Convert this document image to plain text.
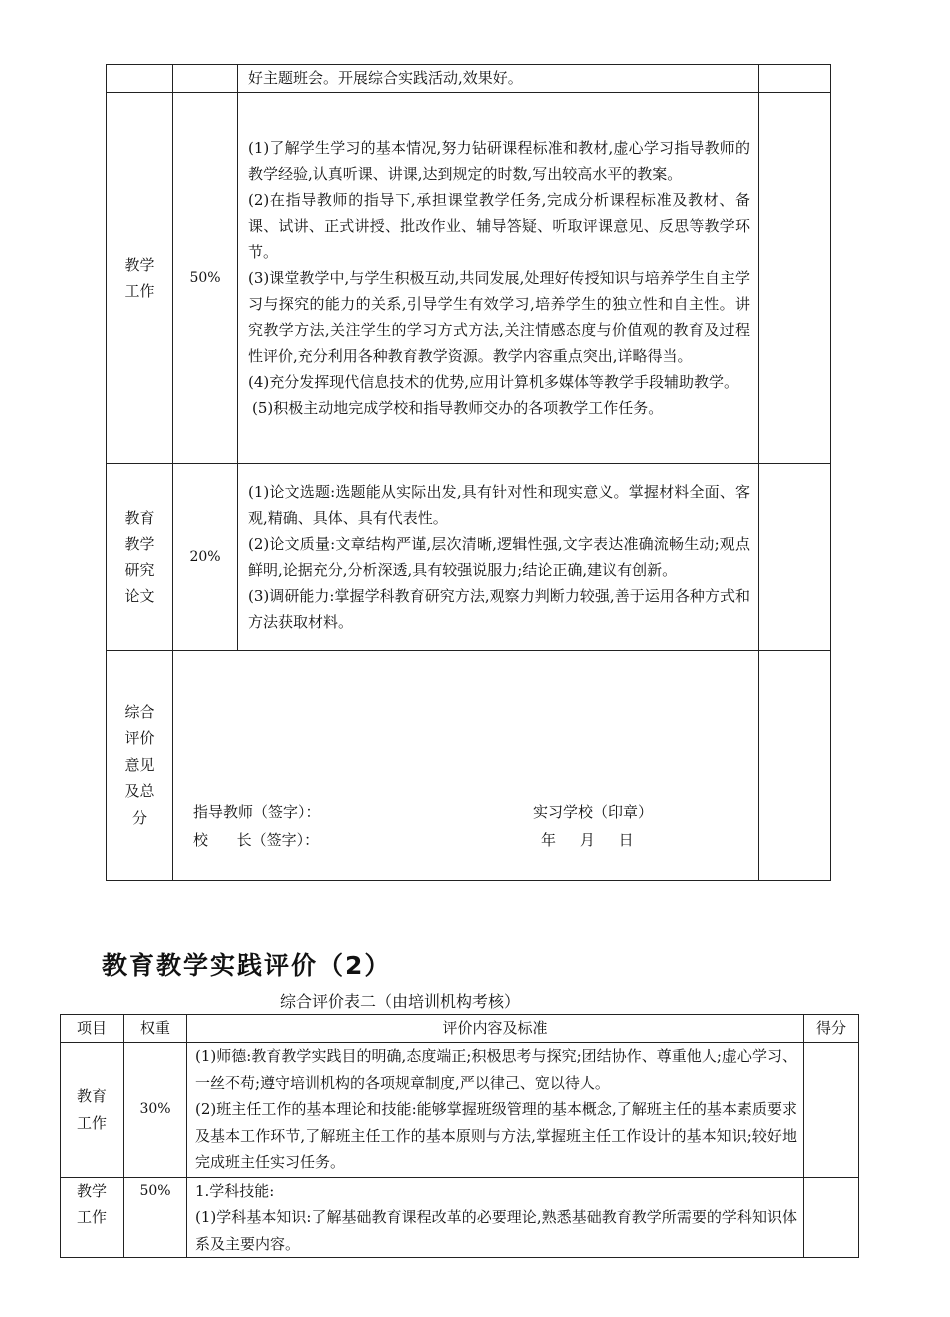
		好主题班会。开展综合实践活动,效果好。	
教学
工作	50%	(1)了解学生学习的基本情况,努力钻研课程标准和教材,虚心学习指导教师的教学经验,认真听课、讲课,达到规定的时数,写出较高水平的教案。
(2)在指导教师的指导下,承担课堂教学任务,完成分析课程标准及教材、备课、试讲、正式讲授、批改作业、辅导答疑、听取评课意见、反思等教学环节。
(3)课堂教学中,与学生积极互动,共同发展,处理好传授知识与培养学生自主学习与探究的能力的关系,引导学生有效学习,培养学生的独立性和自主性。讲究教学方法,关注学生的学习方式方法,关注情感态度与价值观的教育及过程性评价,充分利用各种教育教学资源。教学内容重点突出,详略得当。
(4)充分发挥现代信息技术的优势,应用计算机多媒体等教学手段辅助教学。
(5)积极主动地完成学校和指导教师交办的各项教学工作任务。	

教育
教学
研究
论文	20%	(1)论文选题:选题能从实际出发,具有针对性和现实意义。掌握材料全面、客观,精确、具体、具有代表性。
(2)论文质量:文章结构严谨,层次清晰,逻辑性强,文字表达准确流畅生动;观点鲜明,论据充分,分析深透,具有较强说服力;结论正确,建议有创新。
(3)调研能力:掌握学科教育研究方法,观察力判断力较强,善于运用各种方式和方法获取材料。	

综合
评价
意见
及总
分	指导教师（签字）：
校      长（签字）：
实习学校（印章）
年     月     日		

教育教学实践评价（2）
综合评价表二（由培训机构考核）
项目	权重	评价内容及标准	得分
教育
工作	30%	(1)师德:教育教学实践目的明确,态度端正;积极思考与探究;团结协作、尊重他人;虚心学习、一丝不苟;遵守培训机构的各项规章制度,严以律己、宽以待人。
(2)班主任工作的基本理论和技能:能够掌握班级管理的基本概念,了解班主任的基本素质要求及基本工作环节,了解班主任工作的基本原则与方法,掌握班主任工作设计的基本知识;较好地完成班主任实习任务。	

教学
工作	50%	1.学科技能:
(1)学科基本知识:了解基础教育课程改革的必要理论,熟悉基础教育教学所需要的学科知识体系及主要内容。	
